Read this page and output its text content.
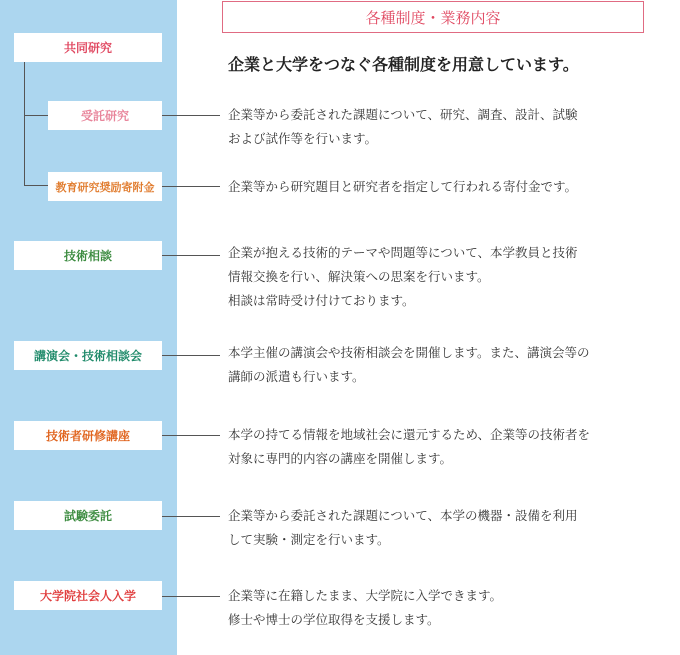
各種制度・業務内容
企業と大学をつなぐ各種制度を用意しています。
共同研究
受託研究
教育研究奨励寄附金
技術相談
講演会・技術相談会
技術者研修講座
試験委託
大学院社会人入学

企業等から委託された課題について、研究、調査、設計、試験

および試作等を行います。

企業等から研究題目と研究者を指定して行われる寄付金です。

企業が抱える技術的テーマや問題等について、本学教員と技術

情報交換を行い、解決策への思案を行います。

相談は常時受け付けております。

本学主催の講演会や技術相談会を開催します。また、講演会等の

講師の派遣も行います。

本学の持てる情報を地域社会に還元するため、企業等の技術者を

対象に専門的内容の講座を開催します。

企業等から委託された課題について、本学の機器・設備を利用

して実験・測定を行います。

企業等に在籍したまま、大学院に入学できます。

修士や博士の学位取得を支援します。
